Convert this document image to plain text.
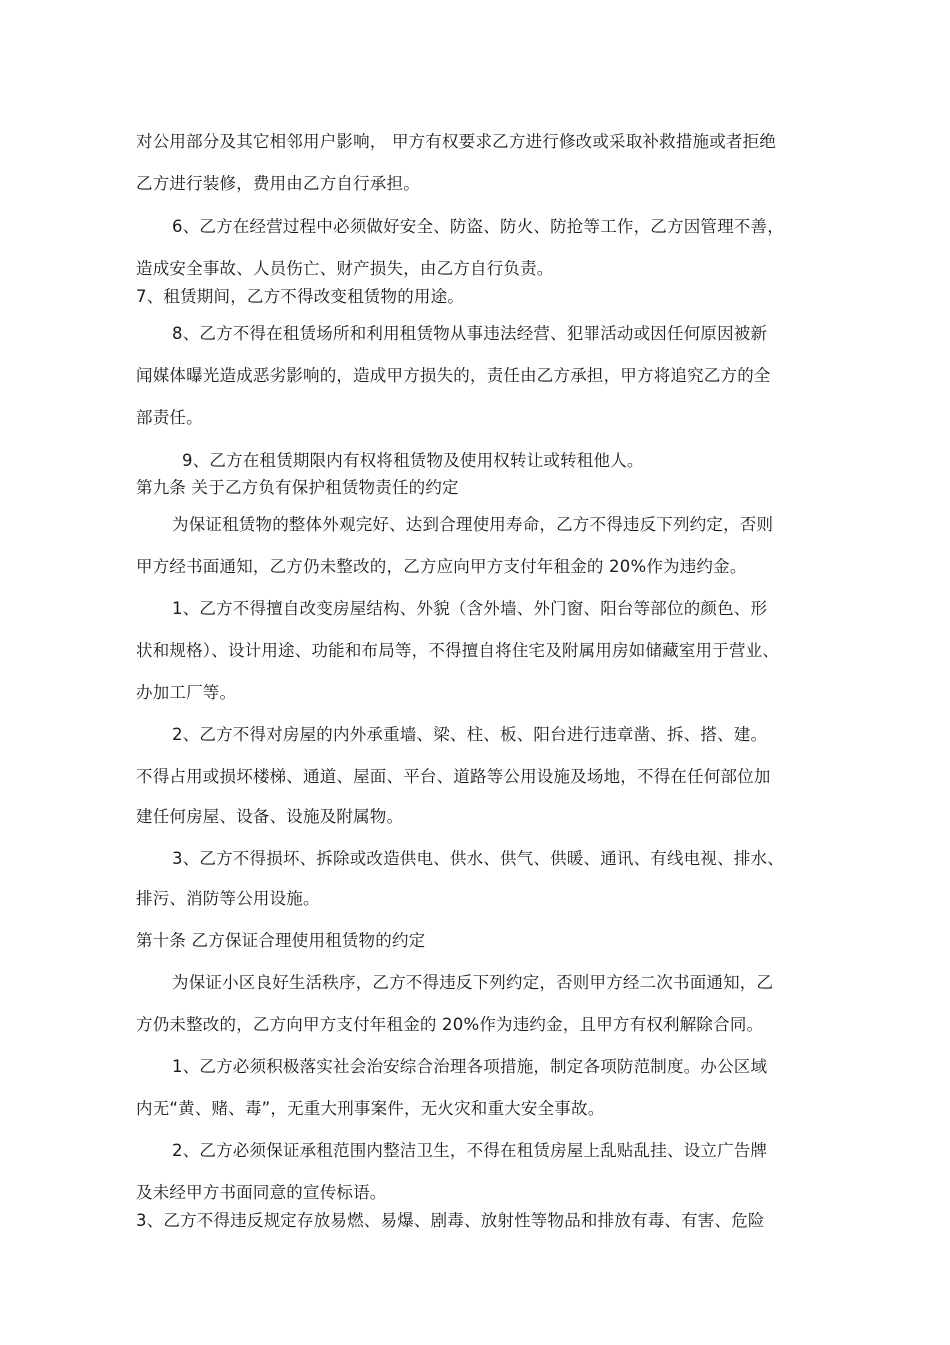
对公用部分及其它相邻用户影响， 甲方有权要求乙方进行修改或采取补救措施或者拒绝
乙方进行装修，费用由乙方自行承担。
6、乙方在经营过程中必须做好安全、防盗、防火、防抢等工作，乙方因管理不善，
造成安全事故、人员伤亡、财产损失，由乙方自行负责。
7、租赁期间，乙方不得改变租赁物的用途。
8、乙方不得在租赁场所和利用租赁物从事违法经营、犯罪活动或因任何原因被新
闻媒体曝光造成恶劣影响的，造成甲方损失的，责任由乙方承担，甲方将追究乙方的全
部责任。
9、乙方在租赁期限内有权将租赁物及使用权转让或转租他人。
第九条 关于乙方负有保护租赁物责任的约定
为保证租赁物的整体外观完好、达到合理使用寿命，乙方不得违反下列约定，否则
甲方经书面通知，乙方仍未整改的，乙方应向甲方支付年租金的 20%作为违约金。
1、乙方不得擅自改变房屋结构、外貌（含外墙、外门窗、阳台等部位的颜色、形
状和规格）、设计用途、功能和布局等，不得擅自将住宅及附属用房如储藏室用于营业、
办加工厂等。
2、乙方不得对房屋的内外承重墙、梁、柱、板、阳台进行违章凿、拆、搭、建。
不得占用或损坏楼梯、通道、屋面、平台、道路等公用设施及场地，不得在任何部位加
建任何房屋、设备、设施及附属物。
3、乙方不得损坏、拆除或改造供电、供水、供气、供暖、通讯、有线电视、排水、
排污、消防等公用设施。
第十条 乙方保证合理使用租赁物的约定
为保证小区良好生活秩序，乙方不得违反下列约定，否则甲方经二次书面通知，乙
方仍未整改的，乙方向甲方支付年租金的 20%作为违约金，且甲方有权利解除合同。
1、乙方必须积极落实社会治安综合治理各项措施，制定各项防范制度。办公区域
内无“黄、赌、毒”，无重大刑事案件，无火灾和重大安全事故。
2、乙方必须保证承租范围内整洁卫生，不得在租赁房屋上乱贴乱挂、设立广告牌
及未经甲方书面同意的宣传标语。
3、乙方不得违反规定存放易燃、易爆、剧毒、放射性等物品和排放有毒、有害、危险
